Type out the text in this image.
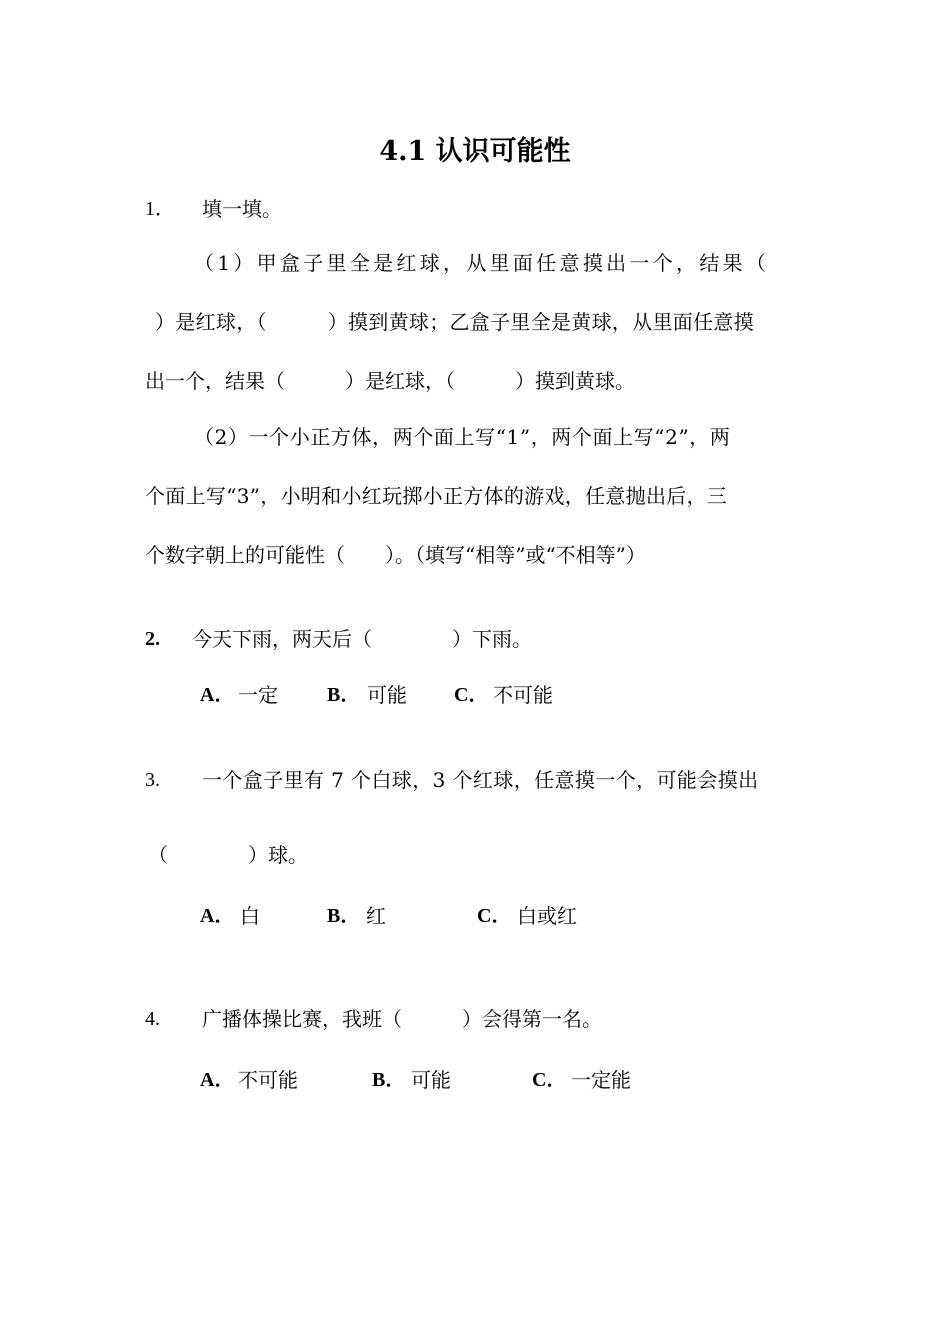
4.1 认识可能性
1． 填一填。
（1）甲盒子里全是红球，从里面任意摸出一个，结果（
）是红球，（　　　）摸到黄球；乙盒子里全是黄球，从里面任意摸
出一个，结果（　　　）是红球，（　　　）摸到黄球。
（2）一个小正方体，两个面上写“1”，两个面上写“2”，两
个面上写“3”，小明和小红玩掷小正方体的游戏，任意抛出后，三
个数字朝上的可能性（　　）。（填写“相等”或“不相等”）
2. 今天下雨，两天后（　　　　）下雨。
A． 一定 B． 可能 C． 不可能
3. 一个盒子里有 7 个白球，3 个红球，任意摸一个，可能会摸出
（　　　　）球。
A． 白	B． 红	C． 白或红
4. 广播体操比赛，我班（　　　）会得第一名。
A． 不可能	B． 可能	C． 一定能
